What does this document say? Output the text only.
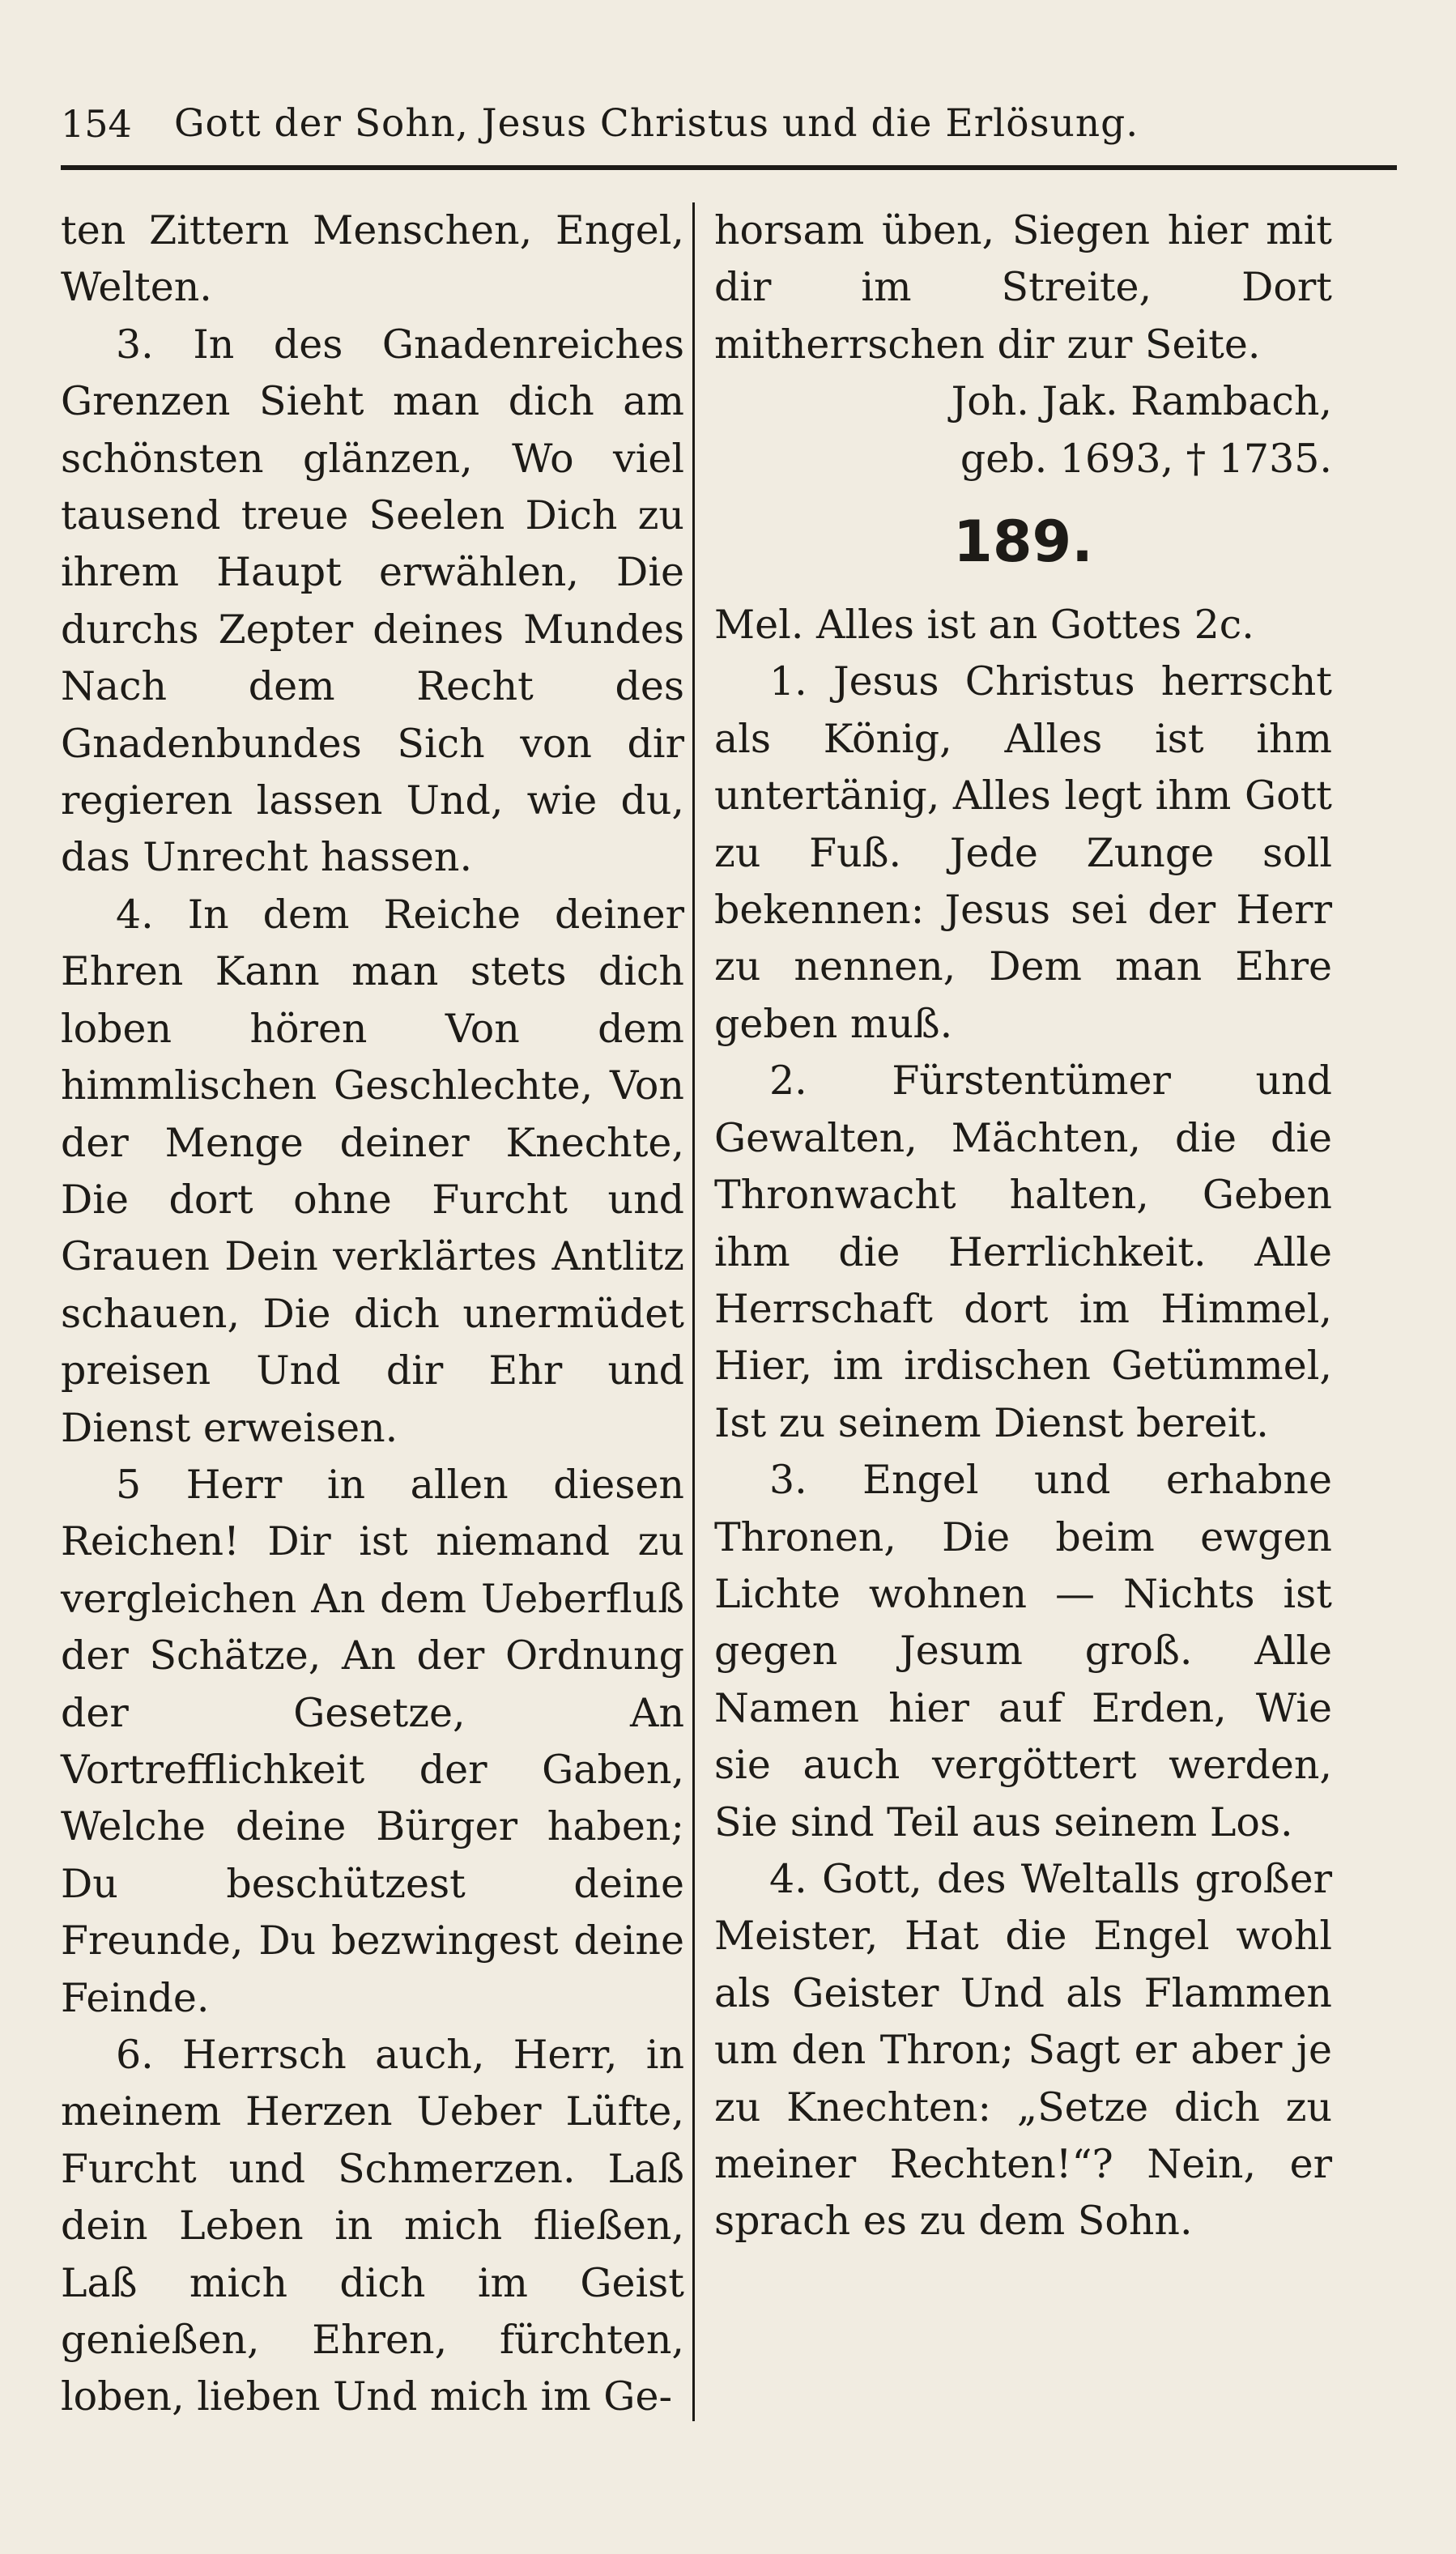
154 Gott der Sohn, Jesus Christus und die Erlösung.

ten Zittern Menschen, Engel, Welten.

3. In des Gnadenreiches Grenzen Sieht man dich am schönsten glänzen, Wo viel tausend treue Seelen Dich zu ihrem Haupt erwählen, Die durchs Zepter deines Mundes Nach dem Recht des Gnadenbundes Sich von dir regieren lassen Und, wie du, das Unrecht hassen.

4. In dem Reiche deiner Ehren Kann man stets dich loben hören Von dem himmlischen Geschlechte, Von der Menge deiner Knechte, Die dort ohne Furcht und Grauen Dein verklärtes Antlitz schauen, Die dich unermüdet preisen Und dir Ehr und Dienst erweisen.

5 Herr in allen diesen Reichen! Dir ist niemand zu vergleichen An dem Ueberfluß der Schätze, An der Ordnung der Gesetze, An Vortrefflichkeit der Gaben, Welche deine Bürger haben; Du beschützest deine Freunde, Du bezwingest deine Feinde.

6. Herrsch auch, Herr, in meinem Herzen Ueber Lüfte, Furcht und Schmerzen. Laß dein Leben in mich fließen, Laß mich dich im Geist genießen, Ehren, fürchten, loben, lieben Und mich im Ge-

horsam üben, Siegen hier mit dir im Streite, Dort mitherrschen dir zur Seite.

Joh. Jak. Rambach,

geb. 1693, † 1735.

189.

Mel. Alles ist an Gottes 2c.

1. Jesus Christus herrscht als König, Alles ist ihm untertänig, Alles legt ihm Gott zu Fuß. Jede Zunge soll bekennen: Jesus sei der Herr zu nennen, Dem man Ehre geben muß.

2. Fürstentümer und Gewalten, Mächten, die die Thronwacht halten, Geben ihm die Herrlichkeit. Alle Herrschaft dort im Himmel, Hier, im irdischen Getümmel, Ist zu seinem Dienst bereit.

3. Engel und erhabne Thronen, Die beim ewgen Lichte wohnen — Nichts ist gegen Jesum groß. Alle Namen hier auf Erden, Wie sie auch vergöttert werden, Sie sind Teil aus seinem Los.

4. Gott, des Weltalls großer Meister, Hat die Engel wohl als Geister Und als Flammen um den Thron; Sagt er aber je zu Knechten: „Setze dich zu meiner Rechten!“? Nein, er sprach es zu dem Sohn.
